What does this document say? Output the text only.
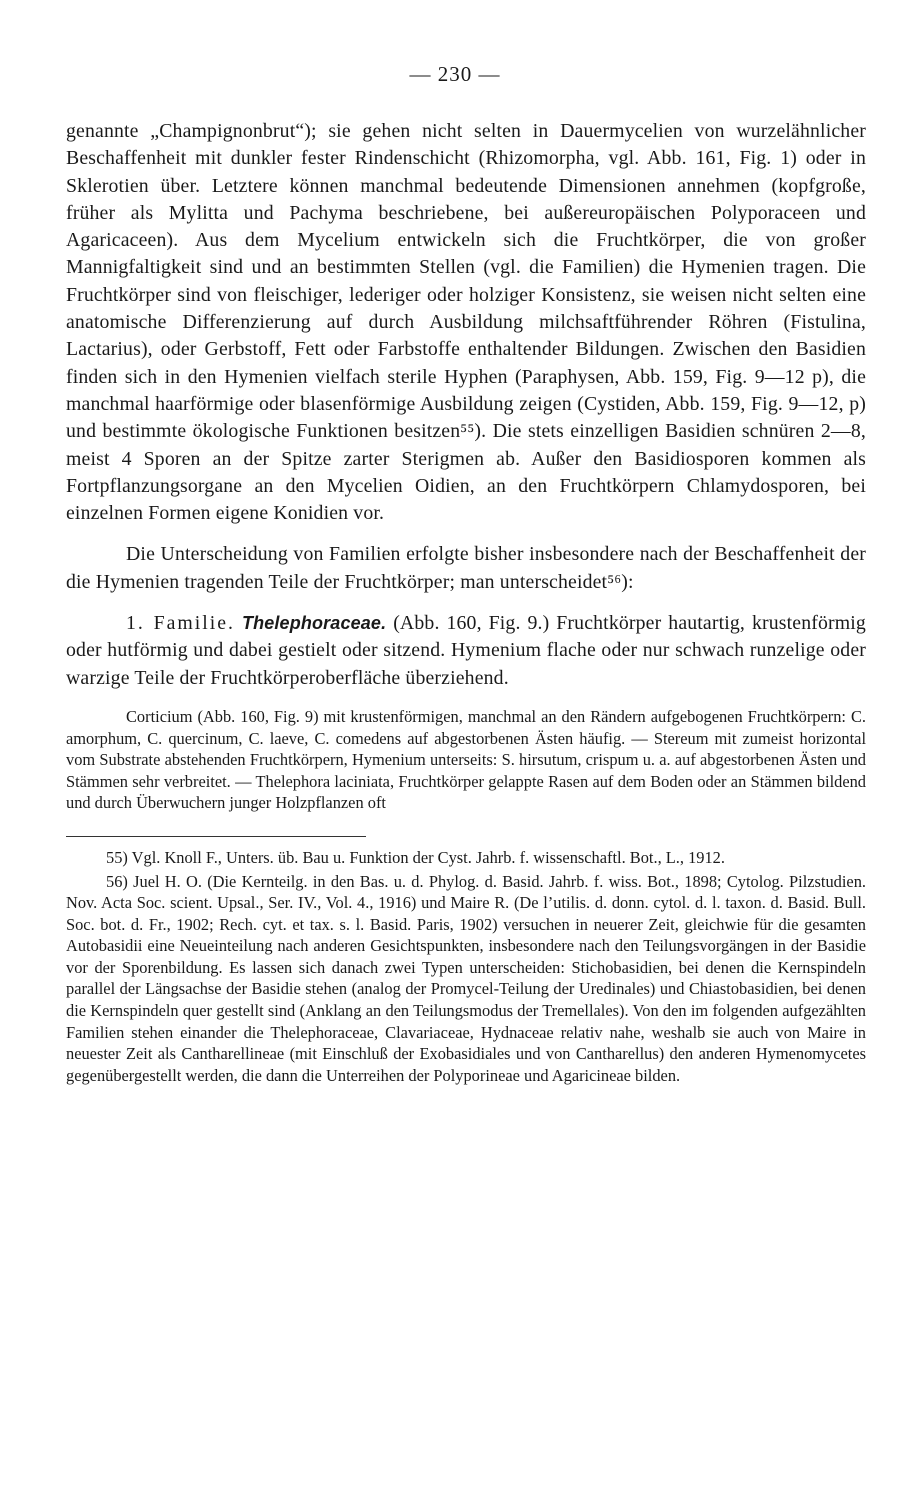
— 230 —

genannte „Champignonbrut“); sie gehen nicht selten in Dauermycelien von wurzelähnlicher Beschaffenheit mit dunkler fester Rindenschicht (Rhizomorpha, vgl. Abb. 161, Fig. 1) oder in Sklerotien über. Letztere können manchmal bedeutende Dimensionen annehmen (kopfgroße, früher als Mylitta und Pachyma beschriebene, bei außereuropäischen Polyporaceen und Agaricaceen). Aus dem Mycelium entwickeln sich die Fruchtkörper, die von großer Mannigfaltigkeit sind und an bestimmten Stellen (vgl. die Familien) die Hymenien tragen. Die Fruchtkörper sind von fleischiger, lederiger oder holziger Konsistenz, sie weisen nicht selten eine anatomische Differenzierung auf durch Ausbildung milchsaftführender Röhren (Fistulina, Lactarius), oder Gerbstoff, Fett oder Farbstoffe enthaltender Bildungen. Zwischen den Basidien finden sich in den Hymenien vielfach sterile Hyphen (Paraphysen, Abb. 159, Fig. 9—12 p), die manchmal haarförmige oder blasenförmige Ausbildung zeigen (Cystiden, Abb. 159, Fig. 9—12, p) und bestimmte ökologische Funktionen besitzen⁵⁵). Die stets einzelligen Basidien schnüren 2—8, meist 4 Sporen an der Spitze zarter Sterigmen ab. Außer den Basidiosporen kommen als Fortpflanzungsorgane an den Mycelien Oidien, an den Fruchtkörpern Chlamydosporen, bei einzelnen Formen eigene Konidien vor.

Die Unterscheidung von Familien erfolgte bisher insbesondere nach der Beschaffenheit der die Hymenien tragenden Teile der Fruchtkörper; man unterscheidet⁵⁶):

1. Familie. Thelephoraceae. (Abb. 160, Fig. 9.) Fruchtkörper hautartig, krustenförmig oder hutförmig und dabei gestielt oder sitzend. Hymenium flache oder nur schwach runzelige oder warzige Teile der Fruchtkörperoberfläche überziehend.

Corticium (Abb. 160, Fig. 9) mit krustenförmigen, manchmal an den Rändern aufgebogenen Fruchtkörpern: C. amorphum, C. quercinum, C. laeve, C. comedens auf abgestorbenen Ästen häufig. — Stereum mit zumeist horizontal vom Substrate abstehenden Fruchtkörpern, Hymenium unterseits: S. hirsutum, crispum u. a. auf abgestorbenen Ästen und Stämmen sehr verbreitet. — Thelephora laciniata, Fruchtkörper gelappte Rasen auf dem Boden oder an Stämmen bildend und durch Überwuchern junger Holzpflanzen oft

55) Vgl. Knoll F., Unters. üb. Bau u. Funktion der Cyst. Jahrb. f. wissenschaftl. Bot., L., 1912.

56) Juel H. O. (Die Kernteilg. in den Bas. u. d. Phylog. d. Basid. Jahrb. f. wiss. Bot., 1898; Cytolog. Pilzstudien. Nov. Acta Soc. scient. Upsal., Ser. IV., Vol. 4., 1916) und Maire R. (De l’utilis. d. donn. cytol. d. l. taxon. d. Basid. Bull. Soc. bot. d. Fr., 1902; Rech. cyt. et tax. s. l. Basid. Paris, 1902) versuchen in neuerer Zeit, gleichwie für die gesamten Autobasidii eine Neueinteilung nach anderen Gesichtspunkten, insbesondere nach den Teilungsvorgängen in der Basidie vor der Sporenbildung. Es lassen sich danach zwei Typen unterscheiden: Stichobasidien, bei denen die Kernspindeln parallel der Längsachse der Basidie stehen (analog der Promycel-Teilung der Uredinales) und Chiastobasidien, bei denen die Kernspindeln quer gestellt sind (Anklang an den Teilungsmodus der Tremellales). Von den im folgenden aufgezählten Familien stehen einander die Thelephoraceae, Clavariaceae, Hydnaceae relativ nahe, weshalb sie auch von Maire in neuester Zeit als Cantharellineae (mit Einschluß der Exobasidiales und von Cantharellus) den anderen Hymenomycetes gegenübergestellt werden, die dann die Unterreihen der Polyporineae und Agaricineae bilden.
